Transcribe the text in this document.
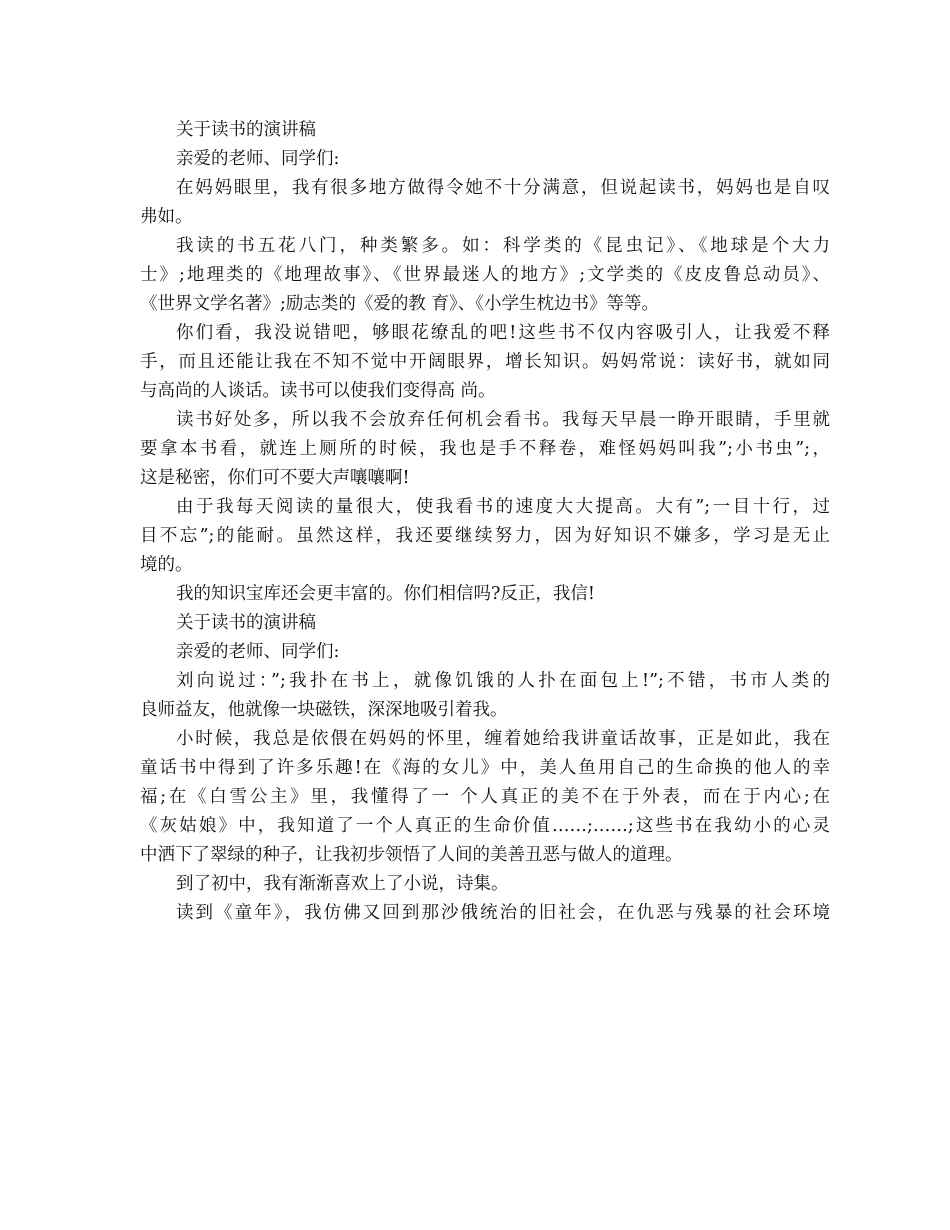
关于读书的演讲稿
亲爱的老师、同学们:
在妈妈眼里，我有很多地方做得令她不十分满意，但说起读书，妈妈也是自叹
弗如。
我读的书五花八门，种类繁多。如：科学类的《昆虫记》、《地球是个大力
士》;地理类的《地理故事》、《世界最迷人的地方》;文学类的《皮皮鲁总动员》、
《世界文学名著》;励志类的《爱的教 育》、《小学生枕边书》等等。
你们看，我没说错吧，够眼花缭乱的吧!这些书不仅内容吸引人，让我爱不释
手，而且还能让我在不知不觉中开阔眼界，增长知识。妈妈常说：读好书，就如同
与高尚的人谈话。读书可以使我们变得高 尚。
读书好处多，所以我不会放弃任何机会看书。我每天早晨一睁开眼睛，手里就
要拿本书看，就连上厕所的时候，我也是手不释卷，难怪妈妈叫我”;小书虫”;，
这是秘密，你们可不要大声嚷嚷啊!
由于我每天阅读的量很大，使我看书的速度大大提高。大有”;一目十行，过
目不忘”;的能耐。虽然这样，我还要继续努力，因为好知识不嫌多，学习是无止
境的。
我的知识宝库还会更丰富的。你们相信吗?反正，我信!
关于读书的演讲稿
亲爱的老师、同学们:
刘向说过：”;我扑在书上，就像饥饿的人扑在面包上!”;不错，书市人类的
良师益友，他就像一块磁铁，深深地吸引着我。
小时候，我总是依偎在妈妈的怀里，缠着她给我讲童话故事，正是如此，我在
童话书中得到了许多乐趣!在《海的女儿》中，美人鱼用自己的生命换的他人的幸
福;在《白雪公主》里，我懂得了一 个人真正的美不在于外表，而在于内心;在
《灰姑娘》中，我知道了一个人真正的生命价值……;……;这些书在我幼小的心灵
中洒下了翠绿的种子，让我初步领悟了人间的美善丑恶与做人的道理。
到了初中，我有渐渐喜欢上了小说，诗集。
读到《童年》，我仿佛又回到那沙俄统治的旧社会，在仇恶与残暴的社会环境
